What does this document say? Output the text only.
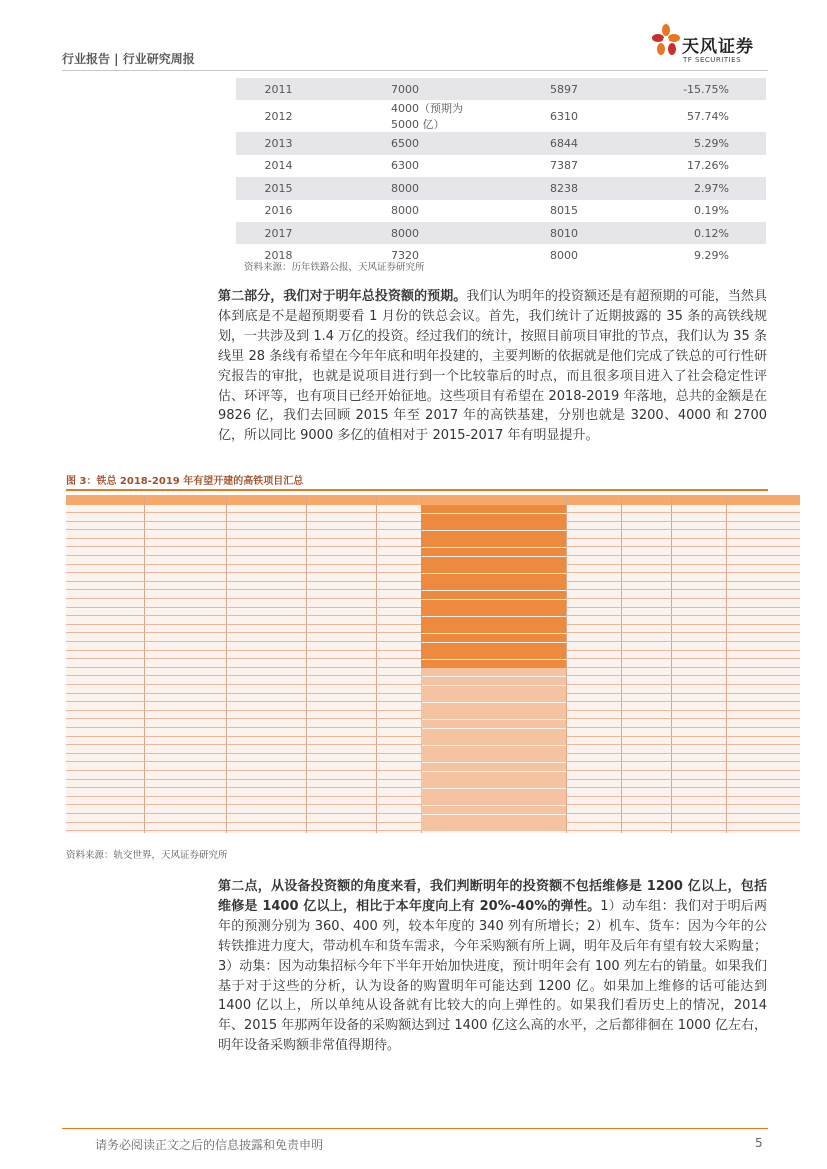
行业报告 | 行业研究周报
天风证券
TF SECURITIES
2011	7000	5897	-15.75%
2012	4000（预期为 5000 亿）	6310	57.74%
2013	6500	6844	5.29%
2014	6300	7387	17.26%
2015	8000	8238	2.97%
2016	8000	8015	0.19%
2017	8000	8010	0.12%
2018	7320	8000	9.29%
资料来源：历年铁路公报，天风证券研究所
第二部分，我们对于明年总投资额的预期。我们认为明年的投资额还是有超预期的可能，当然具体到底是不是超预期要看 1 月份的铁总会议。首先，我们统计了近期披露的 35 条的高铁线规划，一共涉及到 1.4 万亿的投资。经过我们的统计，按照目前项目审批的节点，我们认为 35 条线里 28 条线有希望在今年年底和明年投建的，主要判断的依据就是他们完成了铁总的可行性研究报告的审批，也就是说项目进行到一个比较靠后的时点，而且很多项目进入了社会稳定性评估、环评等，也有项目已经开始征地。这些项目有希望在 2018-2019 年落地，总共的金额是在 9826 亿，我们去回顾 2015 年至 2017 年的高铁基建，分别也就是 3200、4000 和 2700 亿，所以同比 9000 多亿的值相对于 2015-2017 年有明显提升。
图 3：铁总 2018-2019 年有望开建的高铁项目汇总
资料来源：轨交世界，天风证券研究所
第二点，从设备投资额的角度来看，我们判断明年的投资额不包括维修是 1200 亿以上，包括维修是 1400 亿以上，相比于本年度向上有 20%-40%的弹性。1）动车组：我们对于明后两年的预测分别为 360、400 列，较本年度的 340 列有所增长；2）机车、货车：因为今年的公转铁推进力度大，带动机车和货车需求，今年采购额有所上调，明年及后年有望有较大采购量；3）动集：因为动集招标今年下半年开始加快进度，预计明年会有 100 列左右的销量。如果我们基于对于这些的分析，认为设备的购置明年可能达到 1200 亿。如果加上维修的话可能达到 1400 亿以上，所以单纯从设备就有比较大的向上弹性的。如果我们看历史上的情况，2014 年、2015 年那两年设备的采购额达到过 1400 亿这么高的水平，之后都徘徊在 1000 亿左右，明年设备采购额非常值得期待。
请务必阅读正文之后的信息披露和免责申明	5
